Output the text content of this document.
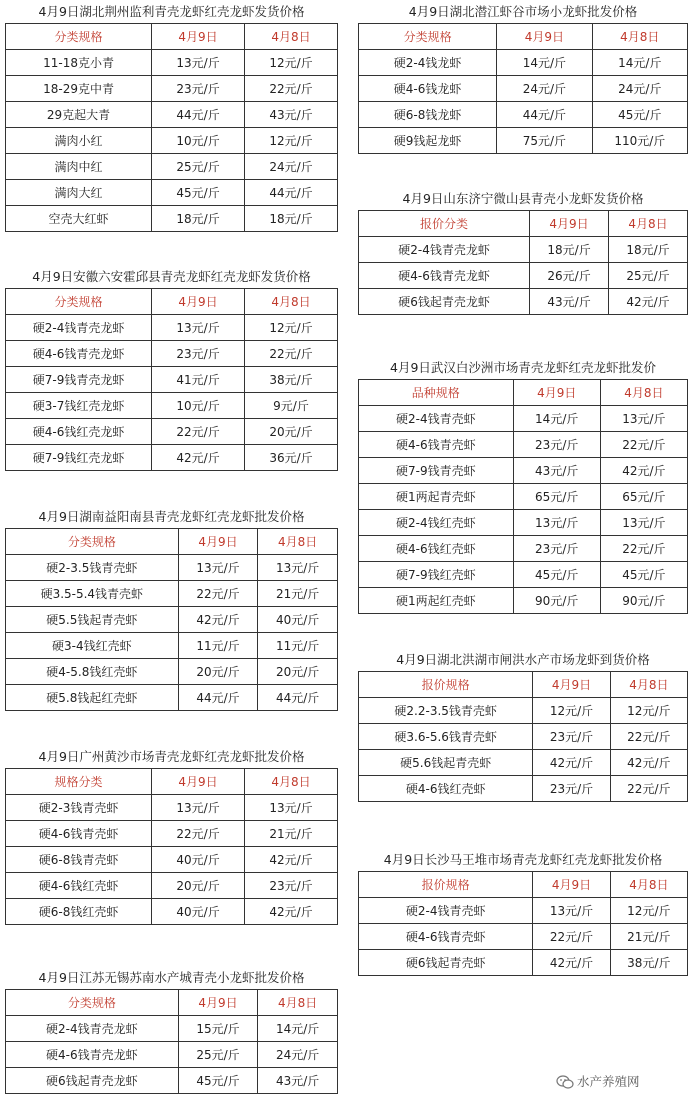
4月9日湖北荆州监利青壳龙虾红壳龙虾发货价格
分类规格	4月9日	4月8日
11-18克小青	13元/斤	12元/斤
18-29克中青	23元/斤	22元/斤
29克起大青	44元/斤	43元/斤
满肉小红	10元/斤	12元/斤
满肉中红	25元/斤	24元/斤
满肉大红	45元/斤	44元/斤
空壳大红虾	18元/斤	18元/斤
4月9日安徽六安霍邱县青壳龙虾红壳龙虾发货价格
分类规格	4月9日	4月8日
硬2-4钱青壳龙虾	13元/斤	12元/斤
硬4-6钱青壳龙虾	23元/斤	22元/斤
硬7-9钱青壳龙虾	41元/斤	38元/斤
硬3-7钱红壳龙虾	10元/斤	9元/斤
硬4-6钱红壳龙虾	22元/斤	20元/斤
硬7-9钱红壳龙虾	42元/斤	36元/斤
4月9日湖南益阳南县青壳龙虾红壳龙虾批发价格
分类规格	4月9日	4月8日
硬2-3.5钱青壳虾	13元/斤	13元/斤
硬3.5-5.4钱青壳虾	22元/斤	21元/斤
硬5.5钱起青壳虾	42元/斤	40元/斤
硬3-4钱红壳虾	11元/斤	11元/斤
硬4-5.8钱红壳虾	20元/斤	20元/斤
硬5.8钱起红壳虾	44元/斤	44元/斤
4月9日广州黄沙市场青壳龙虾红壳龙虾批发价格
规格分类	4月9日	4月8日
硬2-3钱青壳虾	13元/斤	13元/斤
硬4-6钱青壳虾	22元/斤	21元/斤
硬6-8钱青壳虾	40元/斤	42元/斤
硬4-6钱红壳虾	20元/斤	23元/斤
硬6-8钱红壳虾	40元/斤	42元/斤
4月9日江苏无锡苏南水产城青壳小龙虾批发价格
分类规格	4月9日	4月8日
硬2-4钱青壳龙虾	15元/斤	14元/斤
硬4-6钱青壳龙虾	25元/斤	24元/斤
硬6钱起青壳龙虾	45元/斤	43元/斤
4月9日湖北潜江虾谷市场小龙虾批发价格
分类规格	4月9日	4月8日
硬2-4钱龙虾	14元/斤	14元/斤
硬4-6钱龙虾	24元/斤	24元/斤
硬6-8钱龙虾	44元/斤	45元/斤
硬9钱起龙虾	75元/斤	110元/斤
4月9日山东济宁微山县青壳小龙虾发货价格
报价分类	4月9日	4月8日
硬2-4钱青壳龙虾	18元/斤	18元/斤
硬4-6钱青壳龙虾	26元/斤	25元/斤
硬6钱起青壳龙虾	43元/斤	42元/斤
4月9日武汉白沙洲市场青壳龙虾红壳龙虾批发价
品种规格	4月9日	4月8日
硬2-4钱青壳虾	14元/斤	13元/斤
硬4-6钱青壳虾	23元/斤	22元/斤
硬7-9钱青壳虾	43元/斤	42元/斤
硬1两起青壳虾	65元/斤	65元/斤
硬2-4钱红壳虾	13元/斤	13元/斤
硬4-6钱红壳虾	23元/斤	22元/斤
硬7-9钱红壳虾	45元/斤	45元/斤
硬1两起红壳虾	90元/斤	90元/斤
4月9日湖北洪湖市闸洪水产市场龙虾到货价格
报价规格	4月9日	4月8日
硬2.2-3.5钱青壳虾	12元/斤	12元/斤
硬3.6-5.6钱青壳虾	23元/斤	22元/斤
硬5.6钱起青壳虾	42元/斤	42元/斤
硬4-6钱红壳虾	23元/斤	22元/斤
4月9日长沙马王堆市场青壳龙虾红壳龙虾批发价格
报价规格	4月9日	4月8日
硬2-4钱青壳虾	13元/斤	12元/斤
硬4-6钱青壳虾	22元/斤	21元/斤
硬6钱起青壳虾	42元/斤	38元/斤
水产养殖网
